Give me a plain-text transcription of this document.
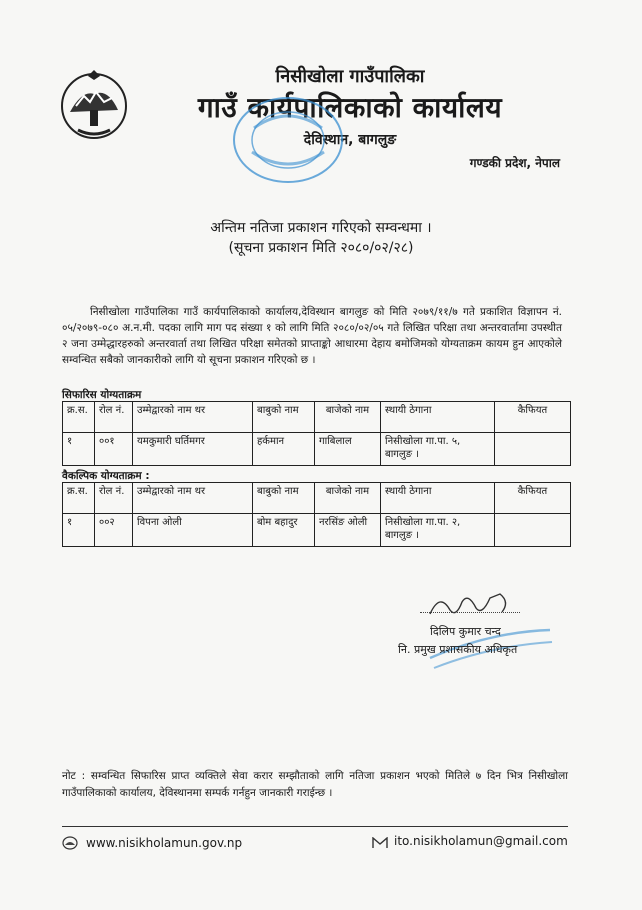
निसीखोला गाउँपालिका
गाउँ कार्यपालिकाको कार्यालय
देविस्थान, बागलुङ
गण्डकी प्रदेश, नेपाल
अन्तिम नतिजा प्रकाशन गरिएको सम्वन्धमा ।
(सूचना प्रकाशन मिति २०८०/०२/२८)
निसीखोला गाउँपालिका गाउँ कार्यपालिकाको कार्यालय,देविस्थान बागलुङ को मिति २०७९/११/७ गते प्रकाशित विज्ञापन नं. ०५/२०७९-०८० अ.न.मी. पदका लागि माग पद संख्या १ को लागि मिति २०८०/०२/०५ गते लिखित परिक्षा तथा अन्तरवार्तामा उपस्थीत २ जना उम्मेद्धारहरुको अन्तरवार्ता तथा लिखित परिक्षा समेतको प्राप्ताङ्को आधारमा देहाय बमोजिमको योग्यताक्रम कायम हुन आएकोले सम्वन्धित सबैको जानकारीको लागि यो सूचना प्रकाशन गरिएको छ ।
सिफारिस योग्यताक्रम
क्र.स.	रोल नं.	उम्मेद्वारको नाम थर	बाबुको नाम	बाजेको नाम	स्थायी ठेगाना	कैफियत
१	००१	यमकुमारी घर्तिमगर	हर्कमान	गाबिलाल	निसीखोला गा.पा. ५, बागलुङ ।	
वैकल्पिक योग्यताक्रम :
क्र.स.	रोल नं.	उम्मेद्वारको नाम थर	बाबुको नाम	बाजेको नाम	स्थायी ठेगाना	कैफियत
१	००२	विपना ओली	बोम बहादुर	नरसिंङ ओली	निसीखोला गा.पा. २, बागलुङ ।	
दिलिप कुमार चन्द
नि. प्रमुख प्रशासकीय अधिकृत
नोट : सम्वन्धित सिफारिस प्राप्त व्यक्तिले सेवा करार सम्झौताको लागि नतिजा प्रकाशन भएको मितिले ७ दिन भित्र निसीखोला गाउँपालिकाको कार्यालय, देविस्थानमा सम्पर्क गर्नहुन जानकारी गराईन्छ ।
www.nisikholamun.gov.np	ito.nisikholamun@gmail.com
